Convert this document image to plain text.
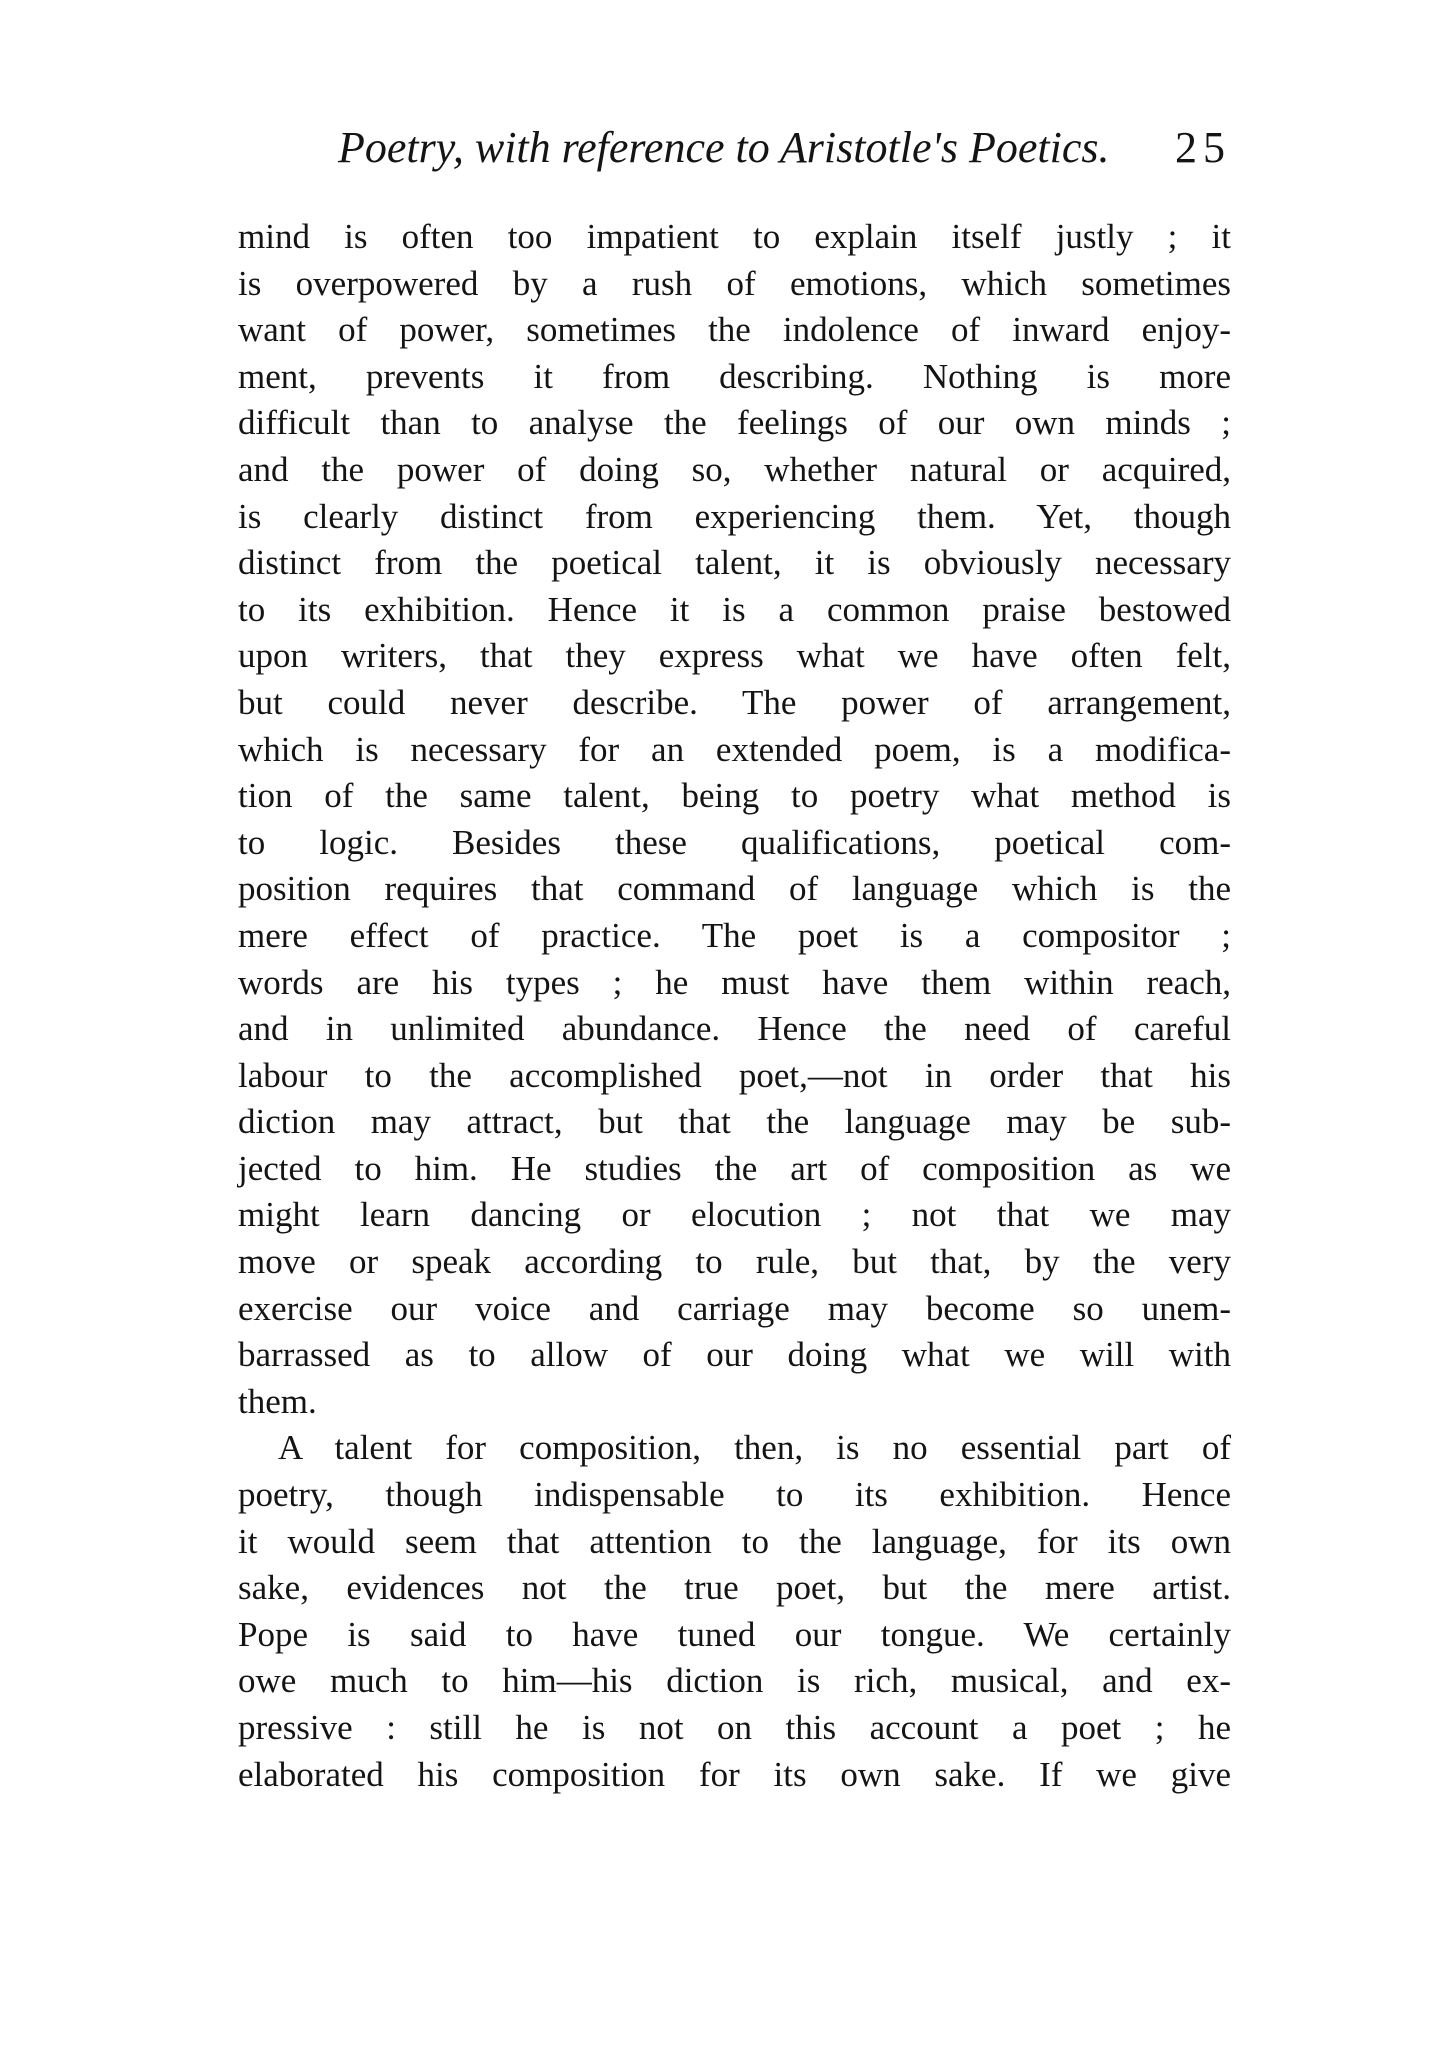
Poetry, with reference to Aristotle's Poetics. 25
mind is often too impatient to explain itself justly ; it
is overpowered by a rush of emotions, which sometimes
want of power, sometimes the indolence of inward enjoy-
ment, prevents it from describing. Nothing is more
difficult than to analyse the feelings of our own minds ;
and the power of doing so, whether natural or acquired,
is clearly distinct from experiencing them. Yet, though
distinct from the poetical talent, it is obviously necessary
to its exhibition. Hence it is a common praise bestowed
upon writers, that they express what we have often felt,
but could never describe. The power of arrangement,
which is necessary for an extended poem, is a modifica-
tion of the same talent, being to poetry what method is
to logic. Besides these qualifications, poetical com-
position requires that command of language which is the
mere effect of practice. The poet is a compositor ;
words are his types ; he must have them within reach,
and in unlimited abundance. Hence the need of careful
labour to the accomplished poet,—not in order that his
diction may attract, but that the language may be sub-
jected to him. He studies the art of composition as we
might learn dancing or elocution ; not that we may
move or speak according to rule, but that, by the very
exercise our voice and carriage may become so unem-
barrassed as to allow of our doing what we will with
them.
A talent for composition, then, is no essential part of
poetry, though indispensable to its exhibition. Hence
it would seem that attention to the language, for its own
sake, evidences not the true poet, but the mere artist.
Pope is said to have tuned our tongue. We certainly
owe much to him—his diction is rich, musical, and ex-
pressive : still he is not on this account a poet ; he
elaborated his composition for its own sake. If we give
